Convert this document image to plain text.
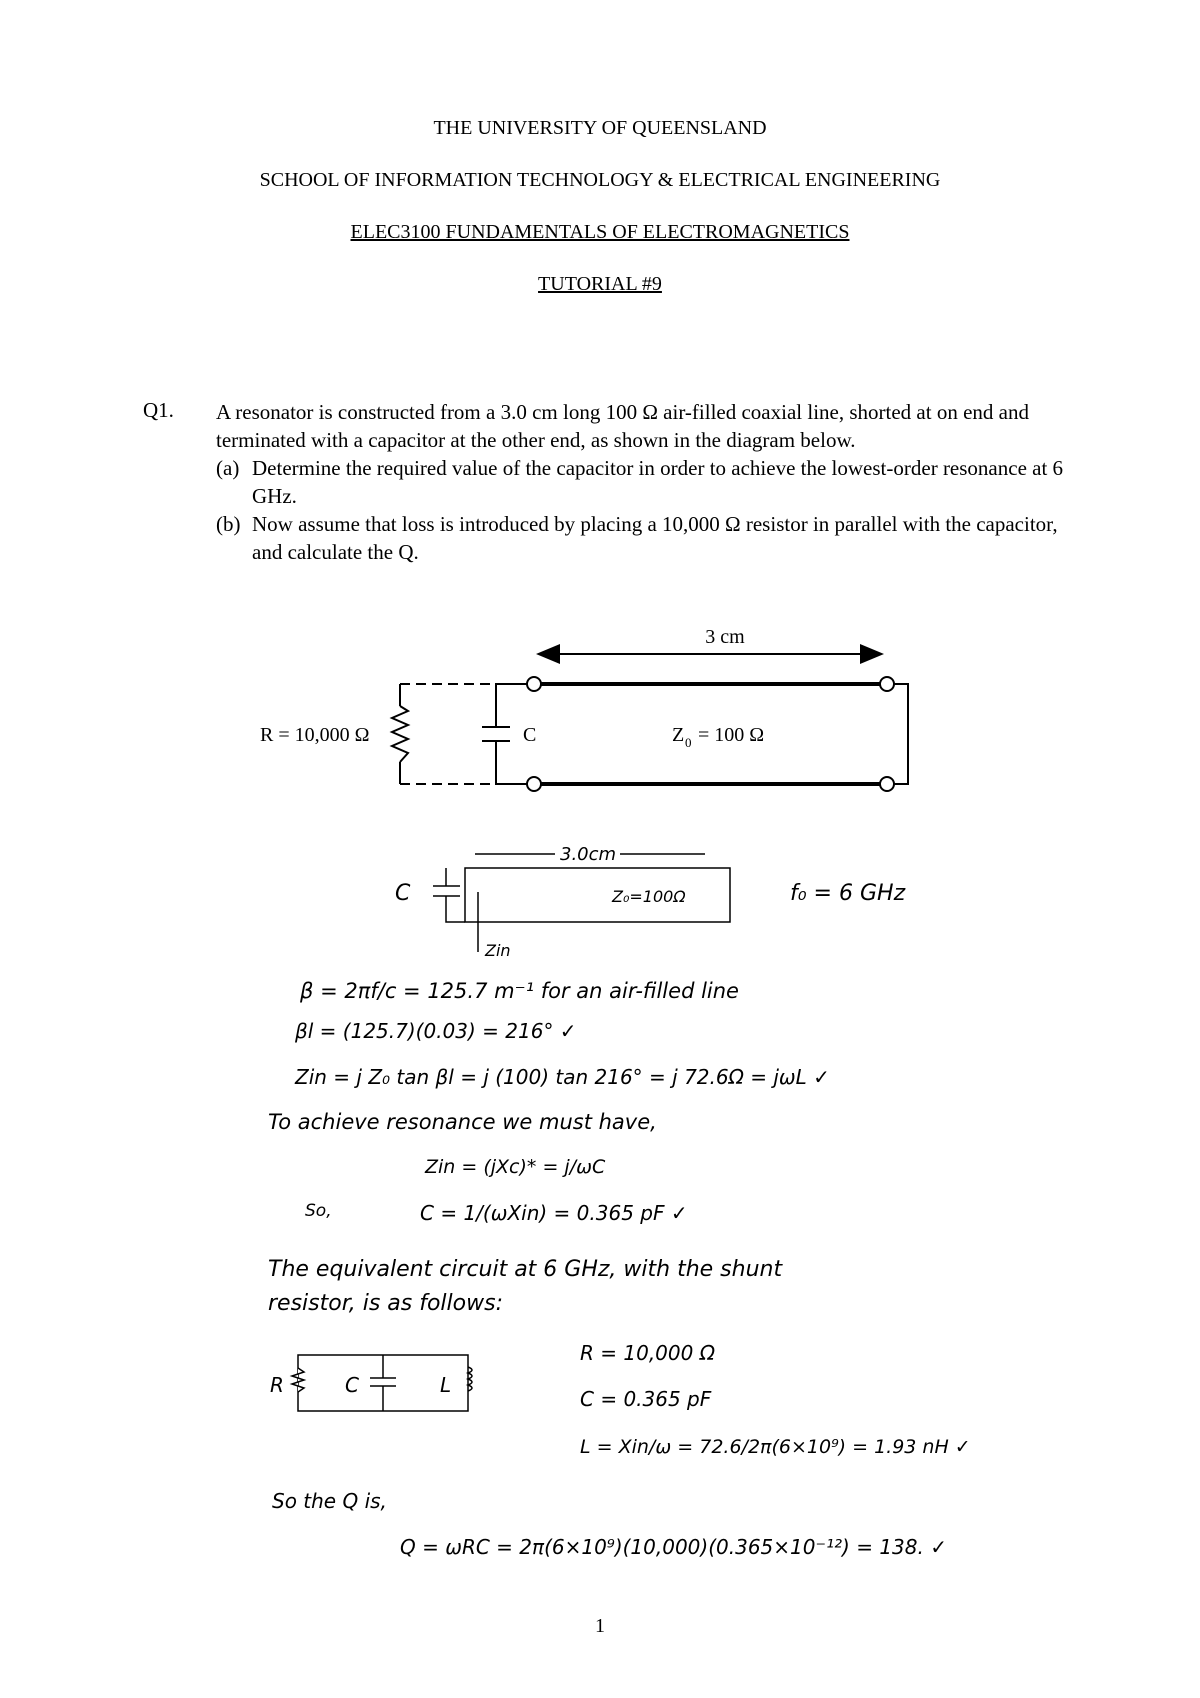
THE UNIVERSITY OF QUEENSLAND
SCHOOL OF INFORMATION TECHNOLOGY & ELECTRICAL ENGINEERING
ELEC3100 FUNDAMENTALS OF ELECTROMAGNETICS
TUTORIAL #9
Q1. A resonator is constructed from a 3.0 cm long 100 Ω air-filled coaxial line, shorted at on end and terminated with a capacitor at the other end, as shown in the diagram below.

(a) Determine the required value of the capacitor in order to achieve the lowest-order resonance at 6 GHz.
(b) Now assume that loss is introduced by placing a 10,000 Ω resistor in parallel with the capacitor, and calculate the Q.
3 cm
C
R = 10,000 Ω	Z 0 = 100 Ω
3.0cm
C	Z₀=100Ω
Zin
f₀ = 6 GHz
β = 2πf/c = 125.7 m⁻¹ for an air-filled line
βl = (125.7)(0.03) = 216° ✓
Zin = j Z₀ tan βl = j (100) tan 216° = j 72.6Ω = jωL ✓
To achieve resonance we must have,
Zin = (jXc)* = j/ωC
So,	C = 1/(ωXin) = 0.365 pF ✓
The equivalent circuit at 6 GHz, with the shunt
resistor, is as follows:
R	C	L
R = 10,000 Ω
C = 0.365 pF
L = Xin/ω = 72.6/2π(6×10⁹) = 1.93 nH ✓
So the Q is,
Q = ωRC = 2π(6×10⁹)(10,000)(0.365×10⁻¹²) = 138. ✓
1
